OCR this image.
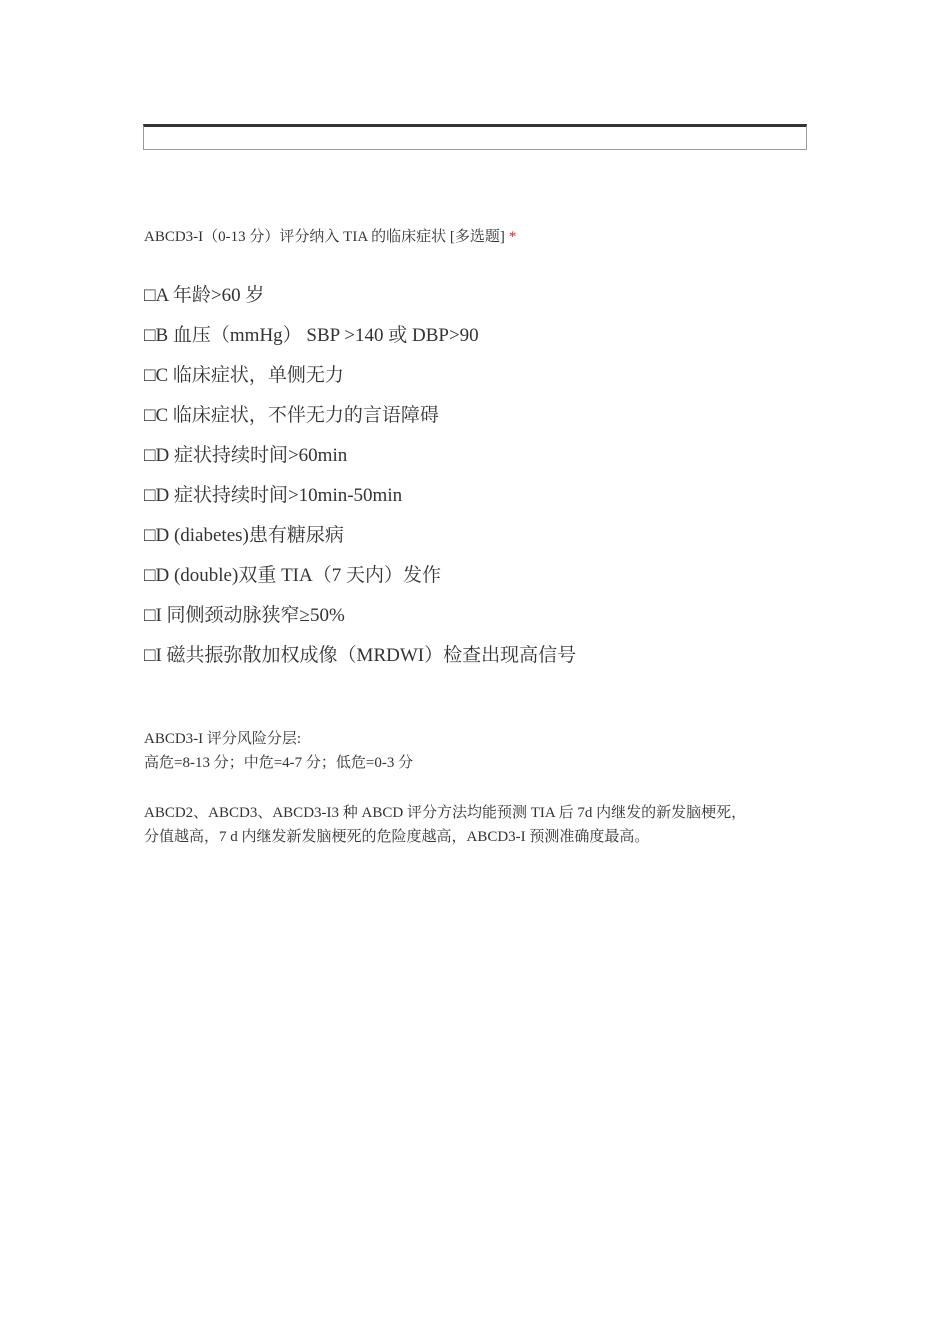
ABCD3-I（0-13 分）评分纳入 TIA 的临床症状 [多选题] *
□A 年龄>60 岁
□B 血压（mmHg） SBP >140 或 DBP>90
□C 临床症状，单侧无力
□C 临床症状，不伴无力的言语障碍
□D 症状持续时间>60min
□D 症状持续时间>10min-50min
□D (diabetes)患有糖尿病
□D (double)双重 TIA（7 天内）发作
□I 同侧颈动脉狭窄≥50%
□I 磁共振弥散加权成像（MRDWI）检查出现高信号
ABCD3-I 评分风险分层:
高危=8-13 分；中危=4-7 分；低危=0-3 分
ABCD2、ABCD3、ABCD3-I3 种 ABCD 评分方法均能预测 TIA 后 7d 内继发的新发脑梗死，
分值越高，7 d 内继发新发脑梗死的危险度越高，ABCD3-I 预测准确度最高。
